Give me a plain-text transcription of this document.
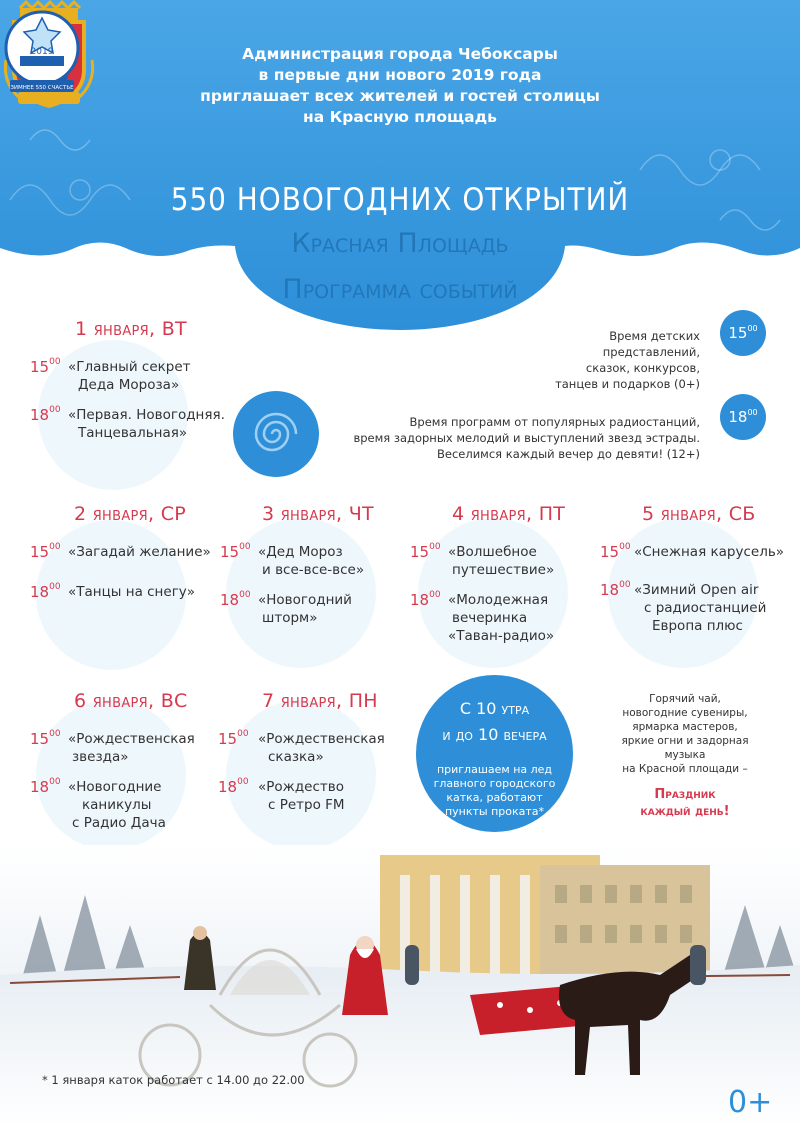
Администрация города Чебоксары
в первые дни нового 2019 года
приглашает всех жителей и гостей столицы
на Красную площадь
2019
ЗИМНЕЕ 550 СЧАСТЬЕ
550 НОВОГОДНИХ ОТКРЫТИЙ
Красная Площадь
Программа событий
1 января, ВТ
$15^{00}$ «Главный секрет
Деда Мороза»
$18^{00}$ «Первая. Новогодняя.
Танцевальная»
Время детских
представлений,
сказок, конкурсов,
танцев и подарков (0+)
$15^{00}$
Время программ от популярных радиостанций,
время задорных мелодий и выступлений звезд эстрады.
Веселимся каждый вечер до девяти! (12+)
$18^{00}$
2 января, СР
$15^{00}$ «Загадай желание»
$18^{00}$ «Танцы на снегу»
3 января, ЧТ
$15^{00}$ «Дед Мороз
и все-все-все»
$18^{00}$ «Новогодний
шторм»
4 января, ПТ
$15^{00}$ «Волшебное
путешествие»
$18^{00}$ «Молодежная
вечеринка
«Таван-радио»
5 января, СБ
$15^{00}$ «Снежная карусель»
$18^{00}$ «Зимний Open air
с радиостанцией
Европа плюс
6 января, ВС
$15^{00}$ «Рождественская
звезда»
$18^{00}$ «Новогодние
каникулы
с Радио Дача
7 января, ПН
$15^{00}$ «Рождественская
сказка»
$18^{00}$ «Рождество
с Ретро FM
С 10 утра
и до 10 вечера
приглашаем на лед главного городского катка, работают пункты проката*
Горячий чай,
новогодние сувениры,
ярмарка мастеров,
яркие огни и задорная музыка
на Красной площади –
Праздник
каждый день!
* 1 января каток работает с 14.00 до 22.00
0+
